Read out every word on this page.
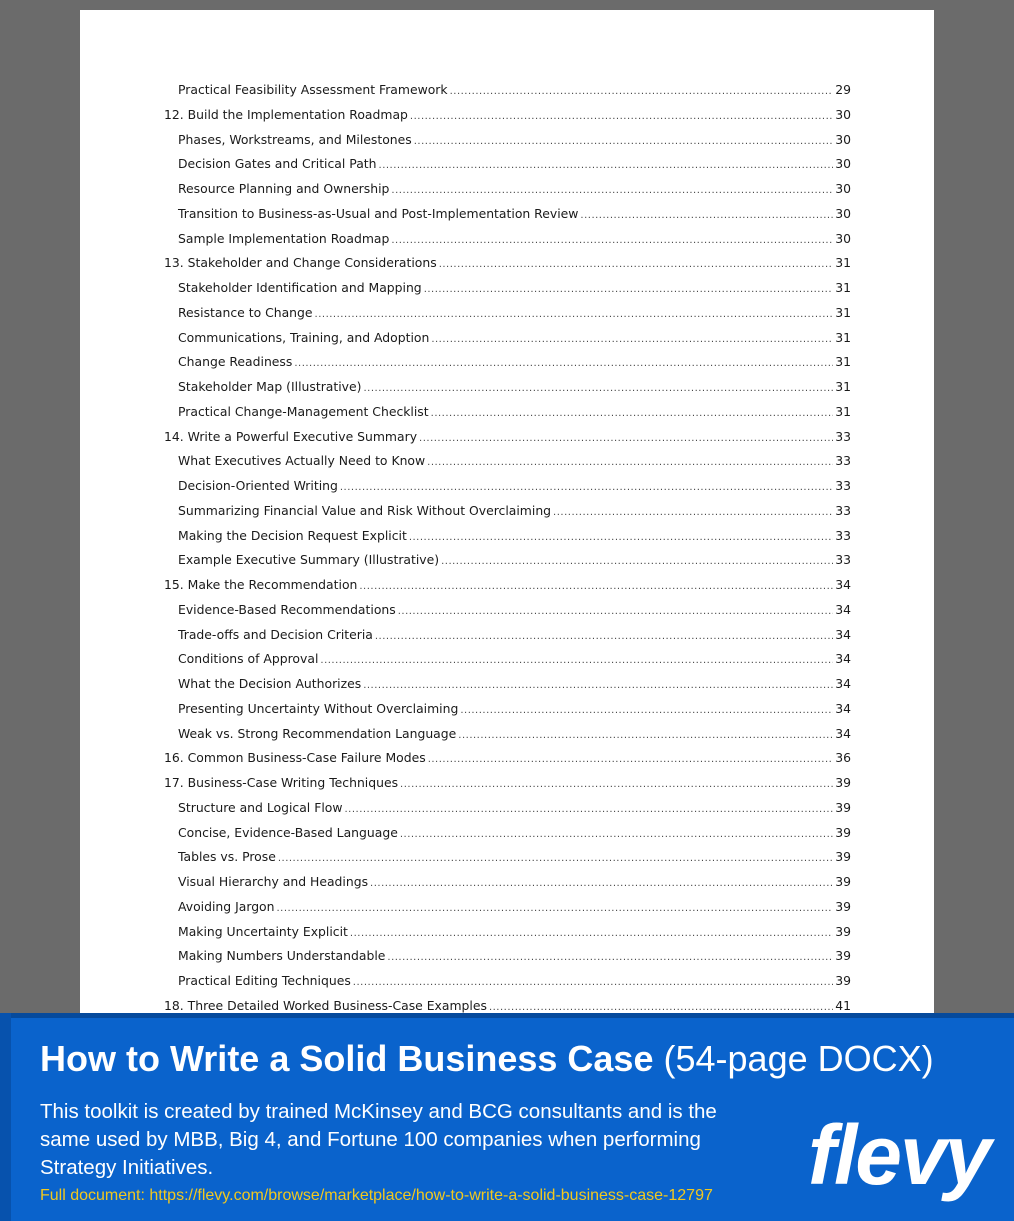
Practical Feasibility Assessment Framework .....	29
12. Build the Implementation Roadmap .....	30
Phases, Workstreams, and Milestones .....	30
Decision Gates and Critical Path .....	30
Resource Planning and Ownership .....	30
Transition to Business-as-Usual and Post-Implementation Review .....	30
Sample Implementation Roadmap .....	30
13. Stakeholder and Change Considerations .....	31
Stakeholder Identification and Mapping .....	31
Resistance to Change .....	31
Communications, Training, and Adoption .....	31
Change Readiness .....	31
Stakeholder Map (Illustrative) .....	31
Practical Change-Management Checklist .....	31
14. Write a Powerful Executive Summary .....	33
What Executives Actually Need to Know .....	33
Decision-Oriented Writing .....	33
Summarizing Financial Value and Risk Without Overclaiming .....	33
Making the Decision Request Explicit .....	33
Example Executive Summary (Illustrative) .....	33
15. Make the Recommendation .....	34
Evidence-Based Recommendations .....	34
Trade-offs and Decision Criteria .....	34
Conditions of Approval .....	34
What the Decision Authorizes .....	34
Presenting Uncertainty Without Overclaiming .....	34
Weak vs. Strong Recommendation Language .....	34
16. Common Business-Case Failure Modes .....	36
17. Business-Case Writing Techniques .....	39
Structure and Logical Flow .....	39
Concise, Evidence-Based Language .....	39
Tables vs. Prose .....	39
Visual Hierarchy and Headings .....	39
Avoiding Jargon .....	39
Making Uncertainty Explicit .....	39
Making Numbers Understandable .....	39
Practical Editing Techniques .....	39
18. Three Detailed Worked Business-Case Examples .....	41
How to Write a Solid Business Case (54-page DOCX)
This toolkit is created by trained McKinsey and BCG consultants and is the same used by MBB, Big 4, and Fortune 100 companies when performing Strategy Initiatives.
Full document: https://flevy.com/browse/marketplace/how-to-write-a-solid-business-case-12797 flevy
